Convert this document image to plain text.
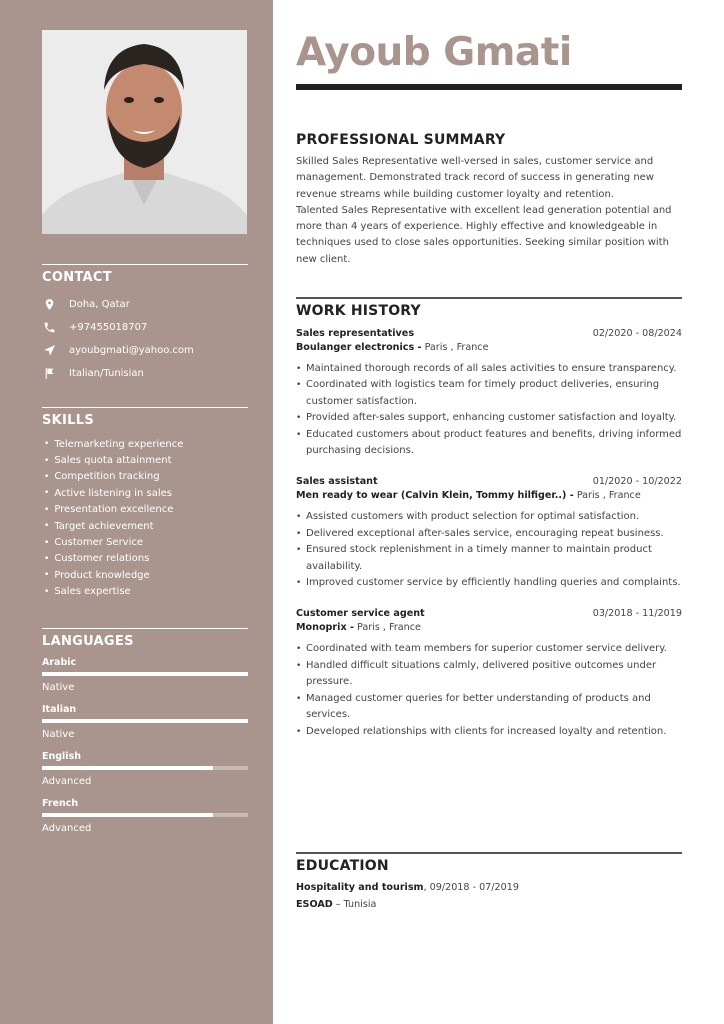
CONTACT
Doha, Qatar
+97455018707
ayoubgmati@yahoo.com
Italian/Tunisian
SKILLS
• Telemarketing experience
• Sales quota attainment
• Competition tracking
• Active listening in sales
• Presentation excellence
• Target achievement
• Customer Service
• Customer relations
• Product knowledge
• Sales expertise
LANGUAGES
Arabic
Native
Italian
Native
English
Advanced
French
Advanced
Ayoub Gmati
PROFESSIONAL SUMMARY

Skilled Sales Representative well-versed in sales, customer service and management. Demonstrated track record of success in generating new revenue streams while building customer loyalty and retention.

Talented Sales Representative with excellent lead generation potential and more than 4 years of experience. Highly effective and knowledgeable in techniques used to close sales opportunities. Seeking similar position with new client.

WORK HISTORY
Sales representatives	02/2020 - 08/2024
Boulanger electronics - Paris , France
• Maintained thorough records of all sales activities to ensure transparency.
• Coordinated with logistics team for timely product deliveries, ensuring customer satisfaction.
• Provided after-sales support, enhancing customer satisfaction and loyalty.
• Educated customers about product features and benefits, driving informed purchasing decisions.
Sales assistant	01/2020 - 10/2022
Men ready to wear (Calvin Klein, Tommy hilfiger..) - Paris , France
• Assisted customers with product selection for optimal satisfaction.
• Delivered exceptional after-sales service, encouraging repeat business.
• Ensured stock replenishment in a timely manner to maintain product availability.
• Improved customer service by efficiently handling queries and complaints.
Customer service agent	03/2018 - 11/2019
Monoprix - Paris , France
• Coordinated with team members for superior customer service delivery.
• Handled difficult situations calmly, delivered positive outcomes under pressure.
• Managed customer queries for better understanding of products and services.
• Developed relationships with clients for increased loyalty and retention.
EDUCATION
Hospitality and tourism, 09/2018 - 07/2019
ESOAD – Tunisia
